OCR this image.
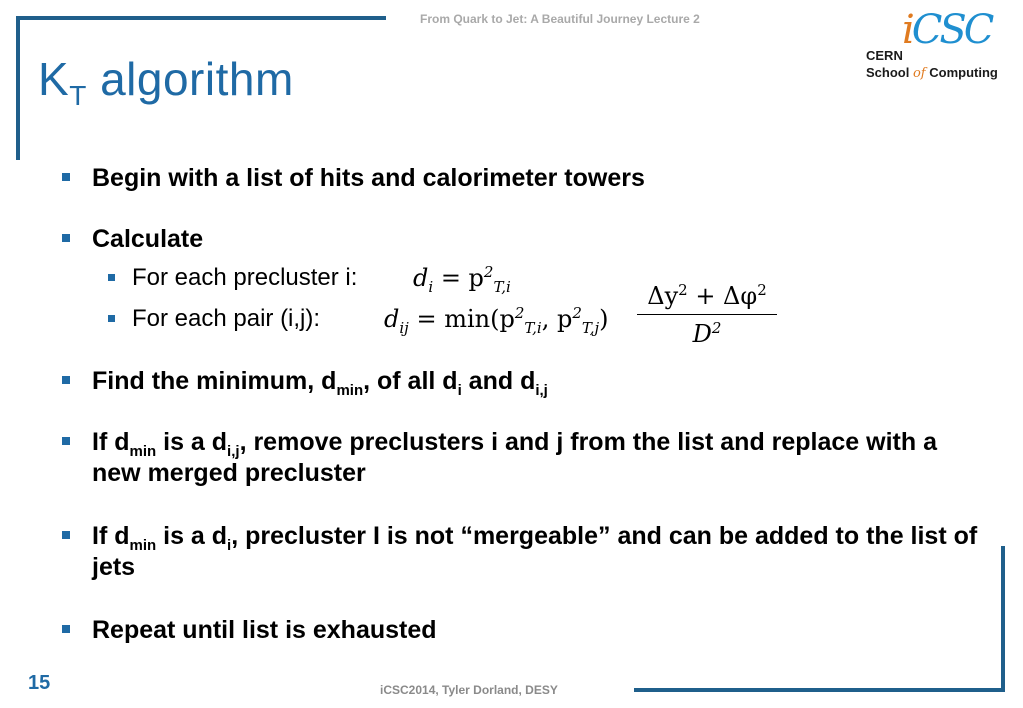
From Quark to Jet: A Beautiful Journey Lecture 2	iCSC
CERN
School of Computing
$K_T$ algorithm
Begin with a list of hits and calorimeter towers
Calculate
For each precluster i:	$d_i = p^2_{T,i}$
For each pair (i,j):	$d_{ij} = \min(p^2_{T,i}$, $p^2_{T,j}) \frac{\Delta y^2 + \Delta\varphi^2}{D^2}$
Find the minimum, $d_{min}$, of all $d_i$ and $d_{i,j}$
If $d_{min}$ is a $d_{i,j}$, remove preclusters i and j from the list and replace with a new merged precluster
If $d_{min}$ is a $d_i$, precluster I is not “mergeable” and can be added to the list of jets
Repeat until list is exhausted
15	iCSC2014, Tyler Dorland, DESY
